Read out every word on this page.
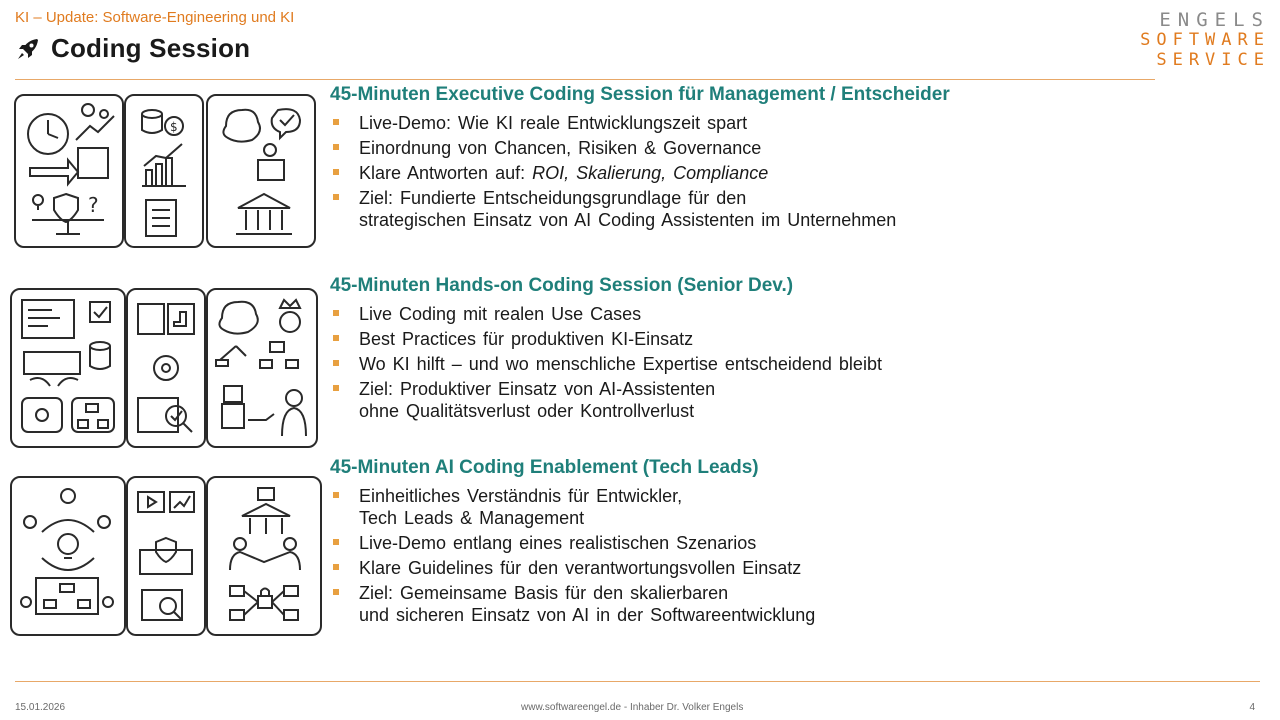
KI – Update: Software-Engineering und KI
Coding Session
ENGELS
SOFTWARE
SERVICE
?
$
45-Minuten Executive Coding Session für Management / Entscheider
Live-Demo: Wie KI reale Entwicklungszeit spart
Einordnung von Chancen, Risiken & Governance
Klare Antworten auf: ROI, Skalierung, Compliance
Ziel: Fundierte Entscheidungsgrundlage für den
strategischen Einsatz von AI Coding Assistenten im Unternehmen
45-Minuten Hands-on Coding Session (Senior Dev.)
Live Coding mit realen Use Cases
Best Practices für produktiven KI-Einsatz
Wo KI hilft – und wo menschliche Expertise entscheidend bleibt
Ziel: Produktiver Einsatz von AI-Assistenten
ohne Qualitätsverlust oder Kontrollverlust
45-Minuten AI Coding Enablement (Tech Leads)
Einheitliches Verständnis für Entwickler,
Tech Leads & Management
Live-Demo entlang eines realistischen Szenarios
Klare Guidelines für den verantwortungsvollen Einsatz
Ziel: Gemeinsame Basis für den skalierbaren
und sicheren Einsatz von AI in der Softwareentwicklung
15.01.2026	www.softwareengel.de - Inhaber Dr. Volker Engels	4
